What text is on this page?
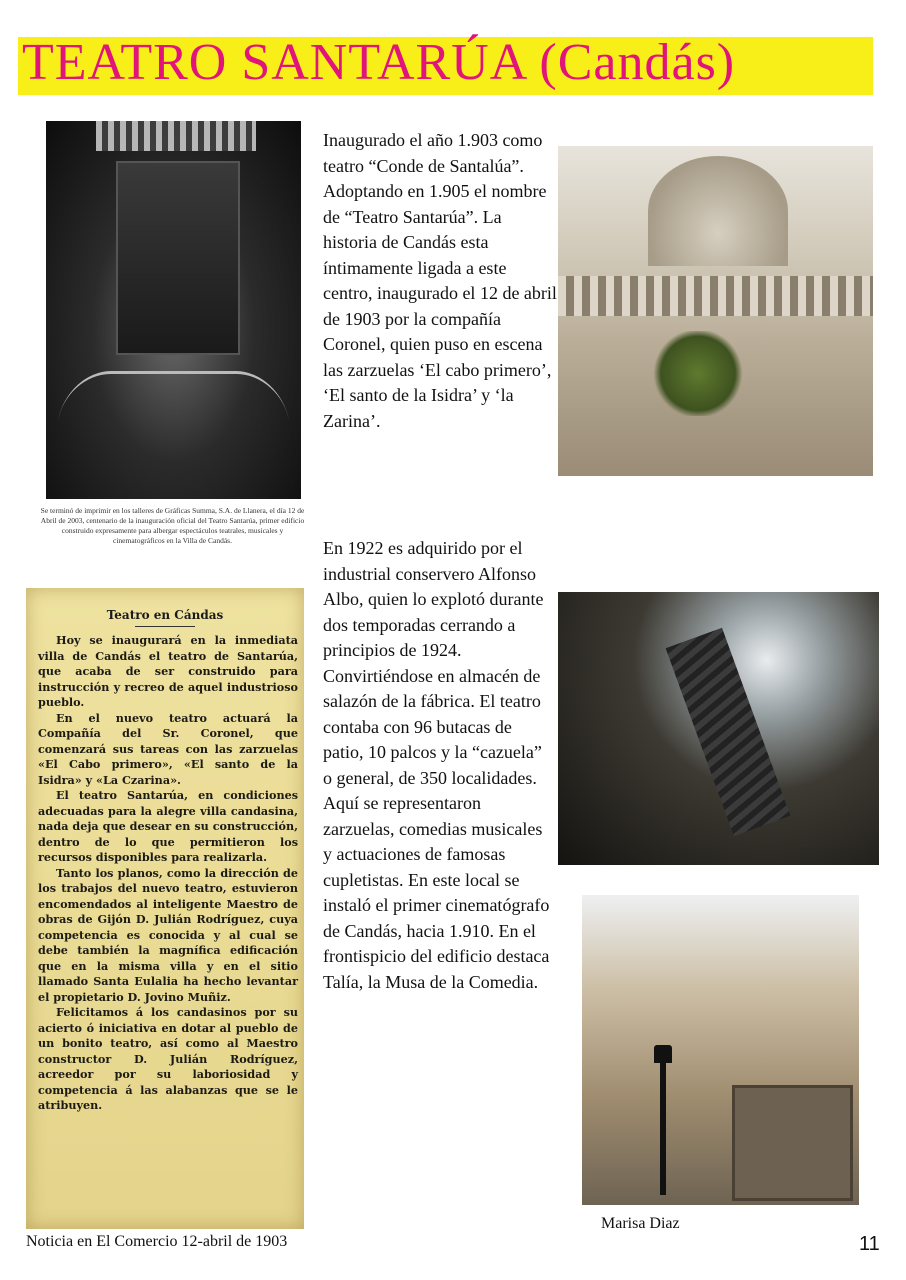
TEATRO SANTARÚA (Candás)
Se terminó de imprimir en los talleres de Gráficas Summa, S.A. de Llanera, el día 12 de Abril de 2003, centenario de la inauguración oficial del Teatro Santarúa, primer edificio construido expresamente para albergar espectáculos teatrales, musicales y cinematográficos en la Villa de Candás.
Inaugurado el año 1.903 como teatro “Conde de Santalúa”. Adoptando en 1.905 el nombre de “Teatro Santarúa”. La historia de Candás esta íntimamente ligada a este centro, inaugurado el 12 de abril de 1903 por la compañía Coronel, quien puso en escena las zarzuelas ‘El cabo primero’, ‘El santo de la Isidra’ y ‘la Zarina’.
Teatro en Cándas

Hoy se inaugurará en la inmediata villa de Candás el teatro de Santarúa, que acaba de ser construido para instrucción y recreo de aquel industrioso pueblo.

En el nuevo teatro actuará la Compañía del Sr. Coronel, que comenzará sus tareas con las zarzuelas «El Cabo primero», «El santo de la Isidra» y «La Czarina».

El teatro Santarúa, en condiciones adecuadas para la alegre villa candasina, nada deja que desear en su construcción, dentro de lo que permitieron los recursos disponibles para realizarla.

Tanto los planos, como la dirección de los trabajos del nuevo teatro, estuvieron encomendados al inteligente Maestro de obras de Gijón D. Julián Rodríguez, cuya competencia es conocida y al cual se debe también la magnífica edificación que en la misma villa y en el sitio llamado Santa Eulalia ha hecho levantar el propietario D. Jovino Muñiz.

Felicitamos á los candasinos por su acierto ó iniciativa en dotar al pueblo de un bonito teatro, así como al Maestro constructor D. Julián Rodríguez, acreedor por su laboriosidad y competencia á las alabanzas que se le atribuyen.

Noticia en El Comercio 12-abril de 1903
En 1922 es adquirido por el industrial conservero Alfonso Albo, quien lo explotó durante dos temporadas cerrando a principios de 1924. Convirtiéndose en almacén de salazón de la fábrica. El teatro contaba con 96 butacas de patio, 10 palcos y la “cazuela” o general, de 350 localidades. Aquí se representaron zarzuelas, comedias musicales y actuaciones de famosas cupletistas. En este local se instaló el primer cinematógrafo de Candás, hacia 1.910. En el frontispicio del edificio destaca Talía, la Musa de la Comedia.
Marisa Diaz
11
